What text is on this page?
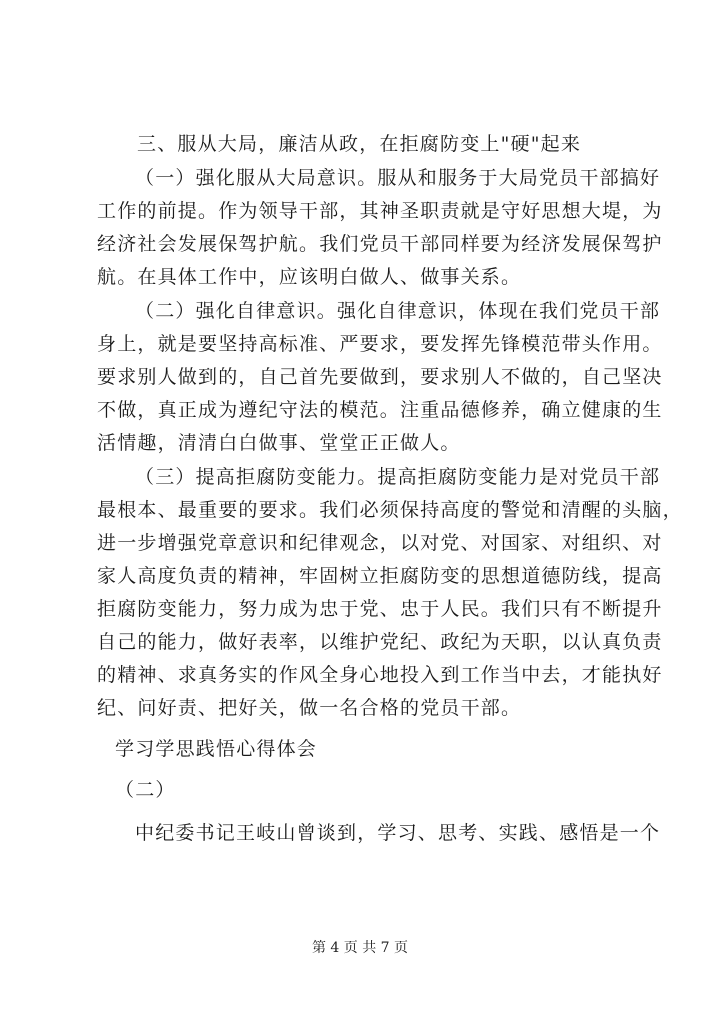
三、服从大局，廉洁从政，在拒腐防变上"硬"起来
（一）强化服从大局意识。服从和服务于大局党员干部搞好
工作的前提。作为领导干部，其神圣职责就是守好思想大堤，为
经济社会发展保驾护航。我们党员干部同样要为经济发展保驾护
航。在具体工作中，应该明白做人、做事关系。
（二）强化自律意识。强化自律意识，体现在我们党员干部
身上，就是要坚持高标准、严要求，要发挥先锋模范带头作用。
要求别人做到的，自己首先要做到，要求别人不做的，自己坚决
不做，真正成为遵纪守法的模范。注重品德修养，确立健康的生
活情趣，清清白白做事、堂堂正正做人。
（三）提高拒腐防变能力。提高拒腐防变能力是对党员干部
最根本、最重要的要求。我们必须保持高度的警觉和清醒的头脑，
进一步增强党章意识和纪律观念，以对党、对国家、对组织、对
家人高度负责的精神，牢固树立拒腐防变的思想道德防线，提高
拒腐防变能力，努力成为忠于党、忠于人民。我们只有不断提升
自己的能力，做好表率，以维护党纪、政纪为天职，以认真负责
的精神、求真务实的作风全身心地投入到工作当中去，才能执好
纪、问好责、把好关，做一名合格的党员干部。
学习学思践悟心得体会
（二）
中纪委书记王岐山曾谈到，学习、思考、实践、感悟是一个
第 4 页 共 7 页
